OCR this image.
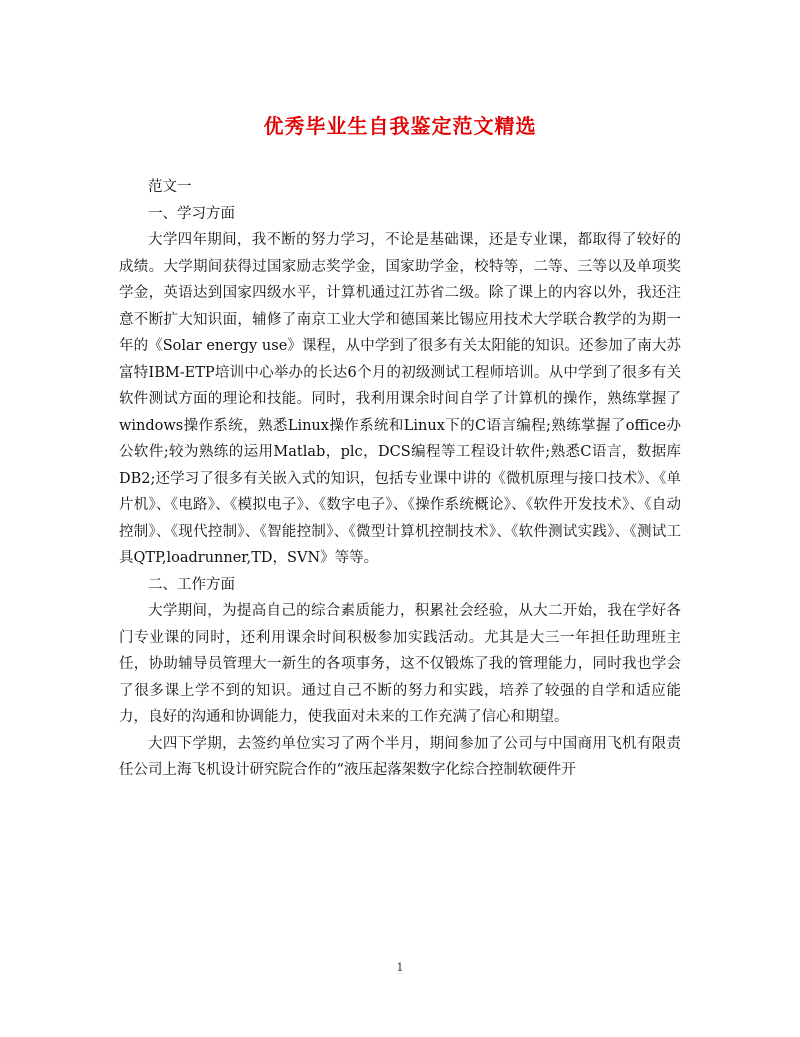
优秀毕业生自我鉴定范文精选

范文一

一、学习方面

大学四年期间，我不断的努力学习，不论是基础课，还是专业课，都取得了较好的成绩。大学期间获得过国家励志奖学金，国家助学金，校特等，二等、三等以及单项奖学金，英语达到国家四级水平，计算机通过江苏省二级。除了课上的内容以外，我还注意不断扩大知识面，辅修了南京工业大学和德国莱比锡应用技术大学联合教学的为期一年的《Solar energy use》课程，从中学到了很多有关太阳能的知识。还参加了南大苏富特IBM-ETP培训中心举办的长达6个月的初级测试工程师培训。从中学到了很多有关软件测试方面的理论和技能。同时，我利用课余时间自学了计算机的操作，熟练掌握了windows操作系统，熟悉Linux操作系统和Linux下的C语言编程;熟练掌握了office办公软件;较为熟练的运用Matlab，plc，DCS编程等工程设计软件;熟悉C语言，数据库DB2;还学习了很多有关嵌入式的知识，包括专业课中讲的《微机原理与接口技术》、《单片机》、《电路》、《模拟电子》、《数字电子》、《操作系统概论》、《软件开发技术》、《自动控制》、《现代控制》、《智能控制》、《微型计算机控制技术》、《软件测试实践》、《测试工具QTP,loadrunner,TD，SVN》等等。

二、工作方面

大学期间，为提高自己的综合素质能力，积累社会经验，从大二开始，我在学好各门专业课的同时，还利用课余时间积极参加实践活动。尤其是大三一年担任助理班主任，协助辅导员管理大一新生的各项事务，这不仅锻炼了我的管理能力，同时我也学会了很多课上学不到的知识。通过自己不断的努力和实践，培养了较强的自学和适应能力，良好的沟通和协调能力，使我面对未来的工作充满了信心和期望。

大四下学期，去签约单位实习了两个半月，期间参加了公司与中国商用飞机有限责任公司上海飞机设计研究院合作的“液压起落架数字化综合控制软硬件开

1
